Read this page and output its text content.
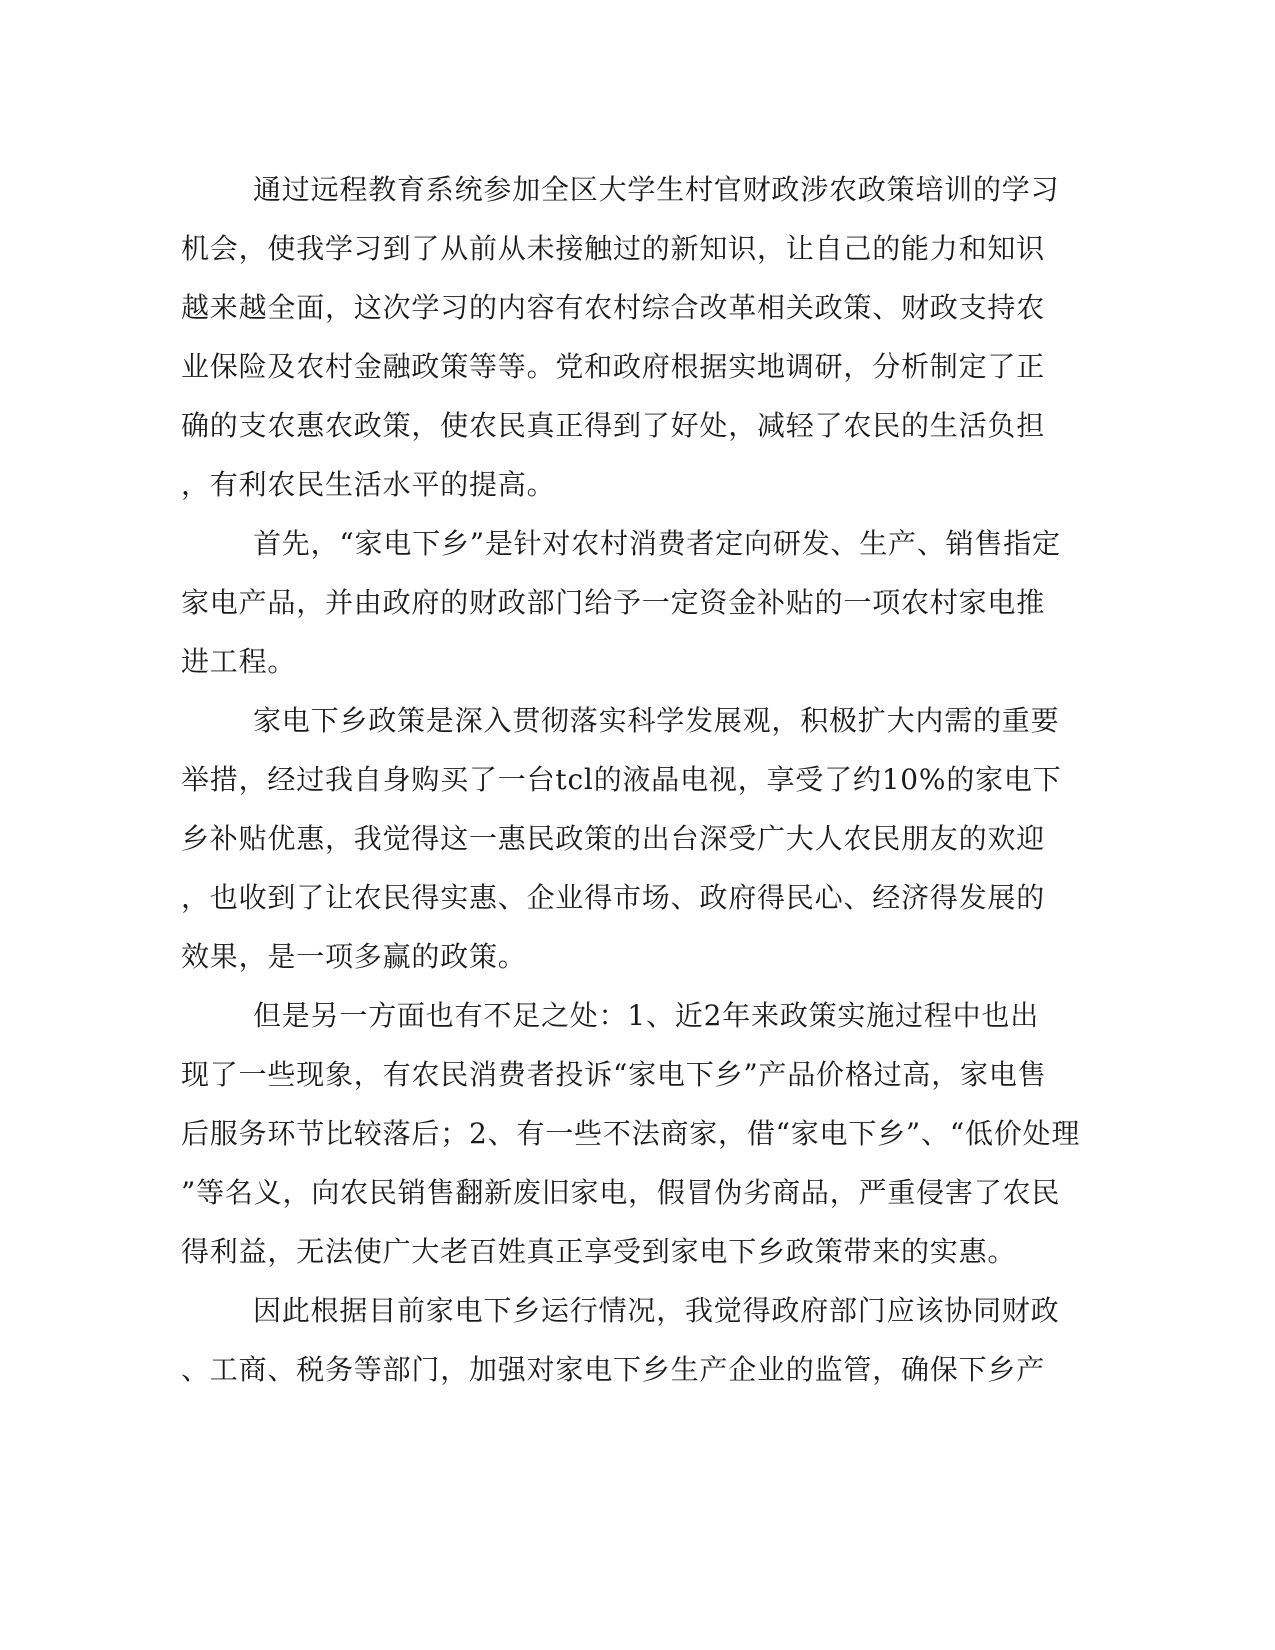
通过远程教育系统参加全区大学生村官财政涉农政策培训的学习
机会，使我学习到了从前从未接触过的新知识，让自己的能力和知识
越来越全面，这次学习的内容有农村综合改革相关政策、财政支持农
业保险及农村金融政策等等。党和政府根据实地调研，分析制定了正
确的支农惠农政策，使农民真正得到了好处，减轻了农民的生活负担
，有利农民生活水平的提高。
首先，“家电下乡”是针对农村消费者定向研发、生产、销售指定
家电产品，并由政府的财政部门给予一定资金补贴的一项农村家电推
进工程。
家电下乡政策是深入贯彻落实科学发展观，积极扩大内需的重要
举措，经过我自身购买了一台tcl的液晶电视，享受了约10%的家电下
乡补贴优惠，我觉得这一惠民政策的出台深受广大人农民朋友的欢迎
，也收到了让农民得实惠、企业得市场、政府得民心、经济得发展的
效果，是一项多赢的政策。
但是另一方面也有不足之处：1、近2年来政策实施过程中也出
现了一些现象，有农民消费者投诉“家电下乡”产品价格过高，家电售
后服务环节比较落后；2、有一些不法商家，借“家电下乡”、“低价处理
”等名义，向农民销售翻新废旧家电，假冒伪劣商品，严重侵害了农民
得利益，无法使广大老百姓真正享受到家电下乡政策带来的实惠。
因此根据目前家电下乡运行情况，我觉得政府部门应该协同财政
、工商、税务等部门，加强对家电下乡生产企业的监管，确保下乡产
